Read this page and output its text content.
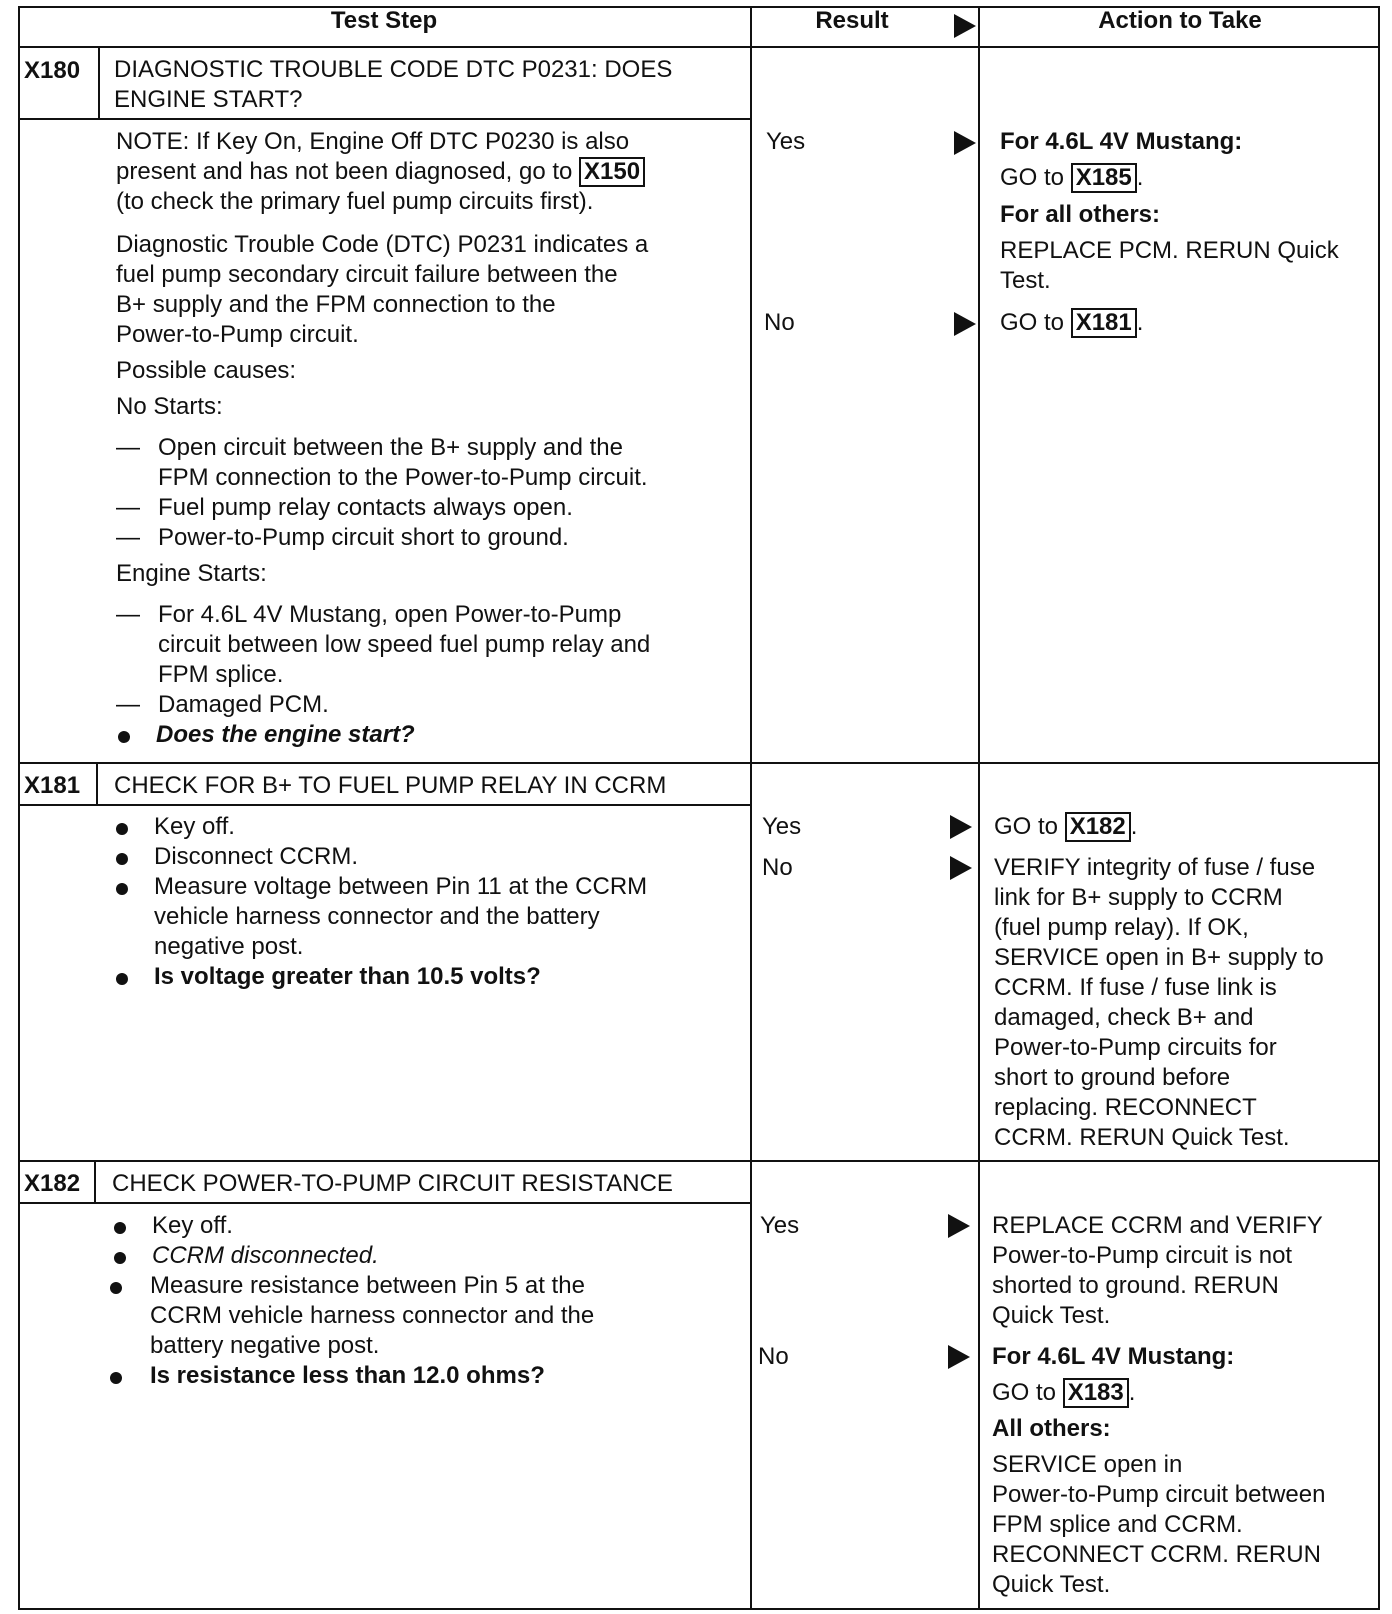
Test Step	Result	Action to Take
X180 DIAGNOSTIC TROUBLE CODE DTC P0231: DOES
ENGINE START?
NOTE: If Key On, Engine Off DTC P0230 is also
present and has not been diagnosed, go to X150
(to check the primary fuel pump circuits first).
Diagnostic Trouble Code (DTC) P0231 indicates a
fuel pump secondary circuit failure between the
B+ supply and the FPM connection to the
Power-to-Pump circuit.
Possible causes:
No Starts:
— Open circuit between the B+ supply and the
FPM connection to the Power-to-Pump circuit.
— Fuel pump relay contacts always open.
— Power-to-Pump circuit short to ground.
Engine Starts:
— For 4.6L 4V Mustang, open Power-to-Pump
circuit between low speed fuel pump relay and
FPM splice.
— Damaged PCM.
Does the engine start?
Yes
No
For 4.6L 4V Mustang:
GO to X185 .
For all others:
REPLACE PCM. RERUN Quick
Test.
GO to X181 .
X181 CHECK FOR B+ TO FUEL PUMP RELAY IN CCRM
Key off.
Disconnect CCRM.
Measure voltage between Pin 11 at the CCRM
vehicle harness connector and the battery
negative post.
Is voltage greater than 10.5 volts?
Yes
No
GO to X182 .
VERIFY integrity of fuse / fuse
link for B+ supply to CCRM
(fuel pump relay). If OK,
SERVICE open in B+ supply to
CCRM. If fuse / fuse link is
damaged, check B+ and
Power-to-Pump circuits for
short to ground before
replacing. RECONNECT
CCRM. RERUN Quick Test.
X182 CHECK POWER-TO-PUMP CIRCUIT RESISTANCE
Key off.
CCRM disconnected.
Measure resistance between Pin 5 at the
CCRM vehicle harness connector and the
battery negative post.
Is resistance less than 12.0 ohms?
Yes
No
REPLACE CCRM and VERIFY
Power-to-Pump circuit is not
shorted to ground. RERUN
Quick Test.
For 4.6L 4V Mustang:
GO to X183 .
All others:
SERVICE open in
Power-to-Pump circuit between
FPM splice and CCRM.
RECONNECT CCRM. RERUN
Quick Test.
